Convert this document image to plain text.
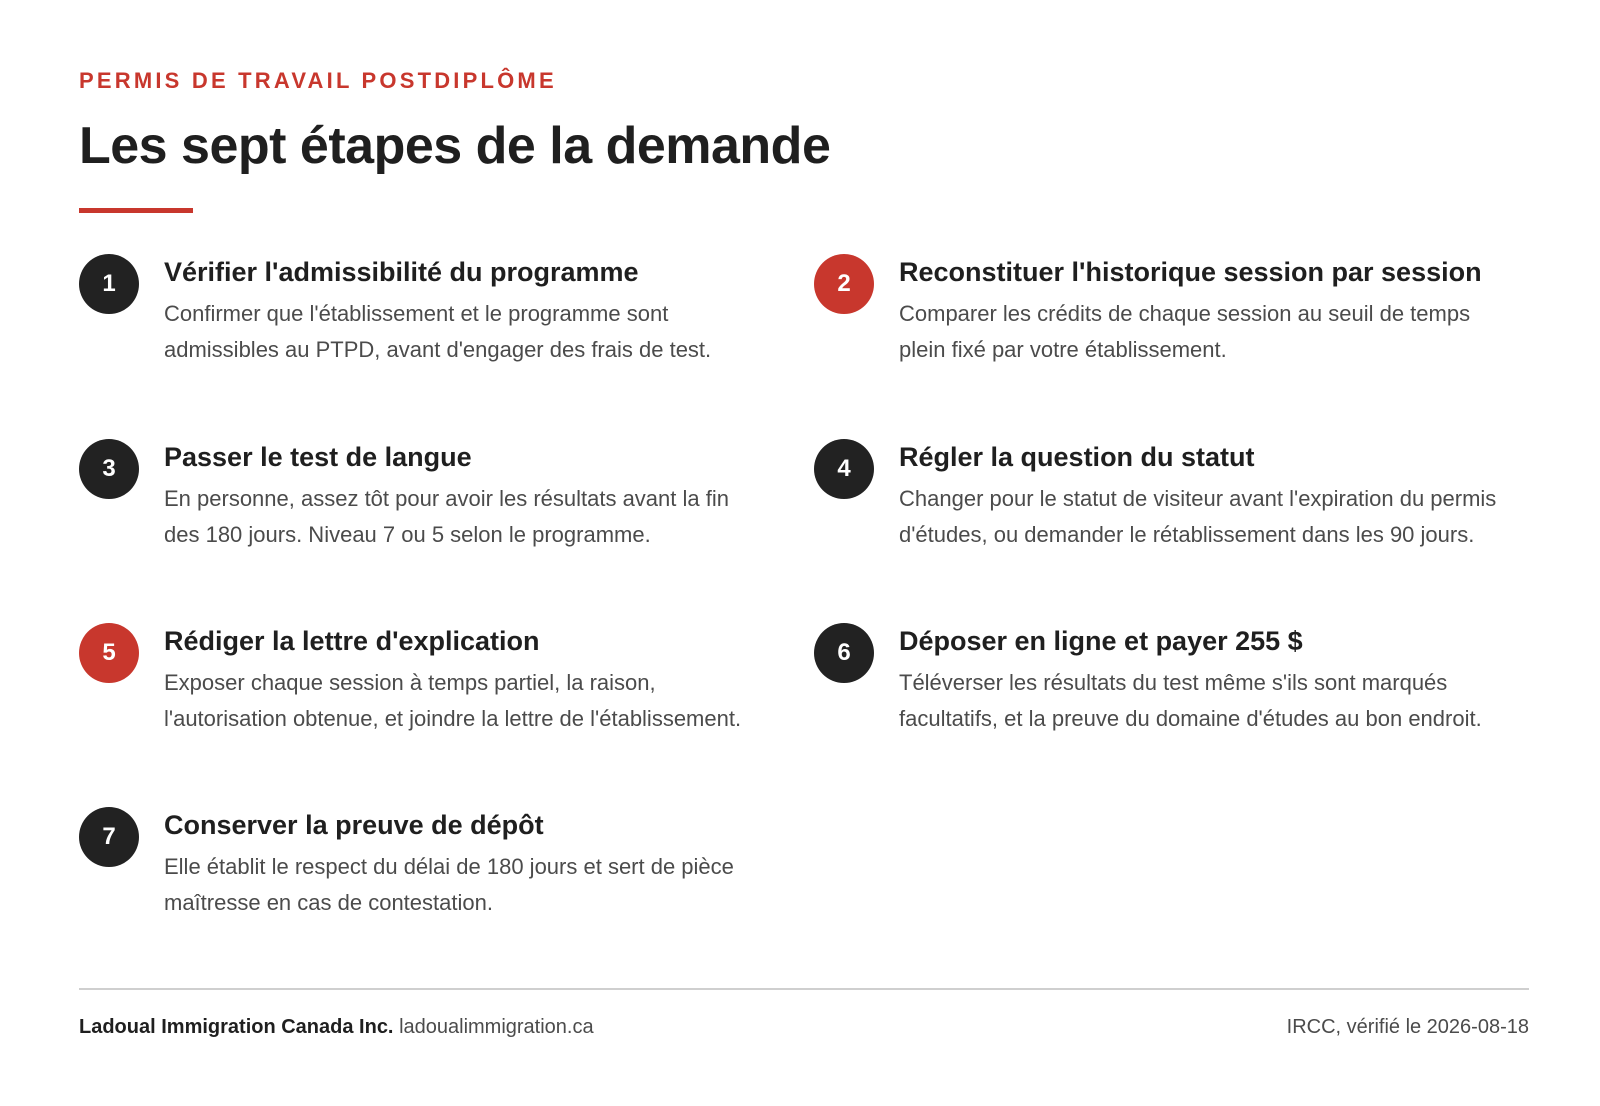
PERMIS DE TRAVAIL POSTDIPLÔME
Les sept étapes de la demande
1	Vérifier l'admissibilité du programme

Confirmer que l'établissement et le programme sont admissibles au PTPD, avant d'engager des frais de test.

2	Reconstituer l'historique session par session

Comparer les crédits de chaque session au seuil de temps plein fixé par votre établissement.

3	Passer le test de langue

En personne, assez tôt pour avoir les résultats avant la fin des 180 jours. Niveau 7 ou 5 selon le programme.

4	Régler la question du statut

Changer pour le statut de visiteur avant l'expiration du permis d'études, ou demander le rétablissement dans les 90 jours.

5	Rédiger la lettre d'explication

Exposer chaque session à temps partiel, la raison, l'autorisation obtenue, et joindre la lettre de l'établissement.

6	Déposer en ligne et payer 255 $

Téléverser les résultats du test même s'ils sont marqués facultatifs, et la preuve du domaine d'études au bon endroit.

7	Conserver la preuve de dépôt

Elle établit le respect du délai de 180 jours et sert de pièce maîtresse en cas de contestation.

Ladoual Immigration Canada Inc. ladoualimmigration.ca	IRCC, vérifié le 2026-08-18
